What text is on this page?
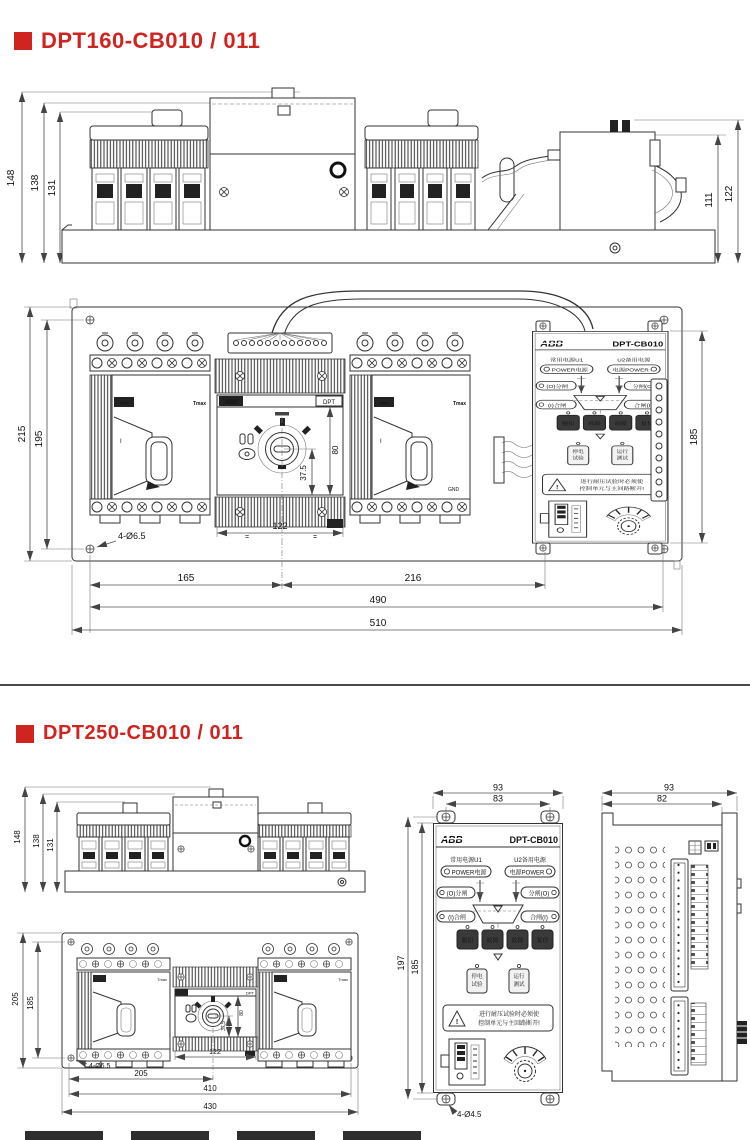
DPT160-CB010 / 011
148 138 131
111 122
GND
ABB	DPT
37.5
80
122
=	=
215 195	185
4-Ø6.5
165	216
490
510
DPT250-CB010 / 011
148 138 131
DPT
37.5
80
122
205 185
4-Ø6.5
205
410
430
93
83
197 185
4-Ø4.5
93
82
